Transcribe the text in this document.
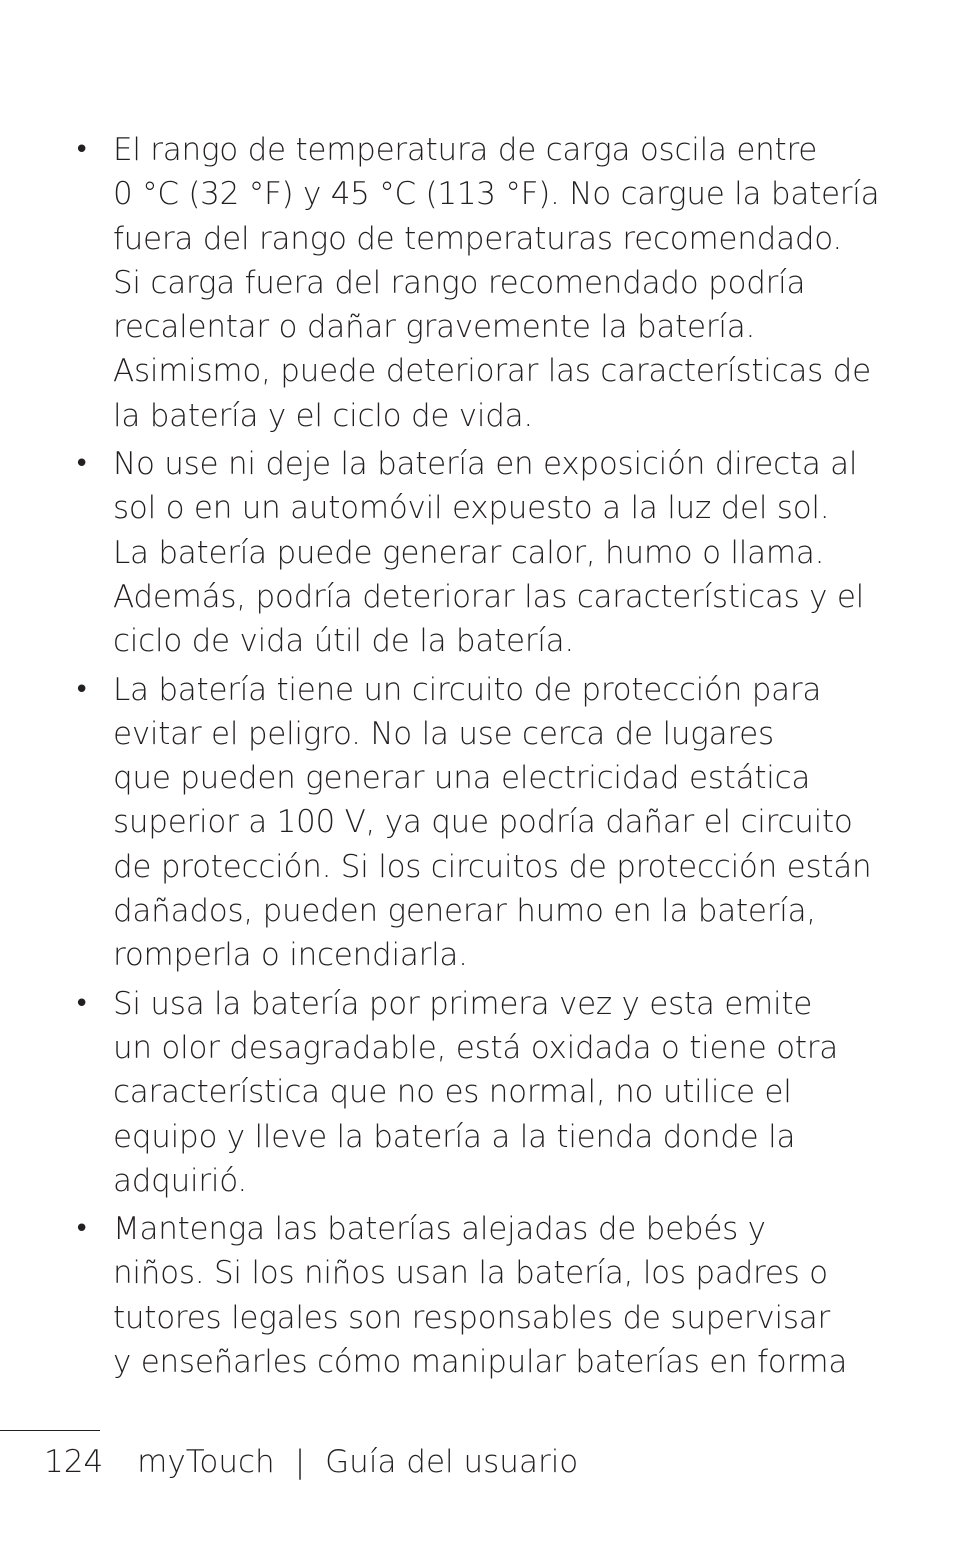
• El rango de temperatura de carga oscila entre
0 °C (32 °F) y 45 °C (113 °F). No cargue la batería
fuera del rango de temperaturas recomendado.
Si carga fuera del rango recomendado podría
recalentar o dañar gravemente la batería.
Asimismo, puede deteriorar las características de
la batería y el ciclo de vida.
• No use ni deje la batería en exposición directa al
sol o en un automóvil expuesto a la luz del sol.
La batería puede generar calor, humo o llama.
Además, podría deteriorar las características y el
ciclo de vida útil de la batería.
• La batería tiene un circuito de protección para
evitar el peligro. No la use cerca de lugares
que pueden generar una electricidad estática
superior a 100 V, ya que podría dañar el circuito
de protección. Si los circuitos de protección están
dañados, pueden generar humo en la batería,
romperla o incendiarla.
• Si usa la batería por primera vez y esta emite
un olor desagradable, está oxidada o tiene otra
característica que no es normal, no utilice el
equipo y lleve la batería a la tienda donde la
adquirió.
• Mantenga las baterías alejadas de bebés y
niños. Si los niños usan la batería, los padres o
tutores legales son responsables de supervisar
y enseñarles cómo manipular baterías en forma
124 myTouch | Guía del usuario
